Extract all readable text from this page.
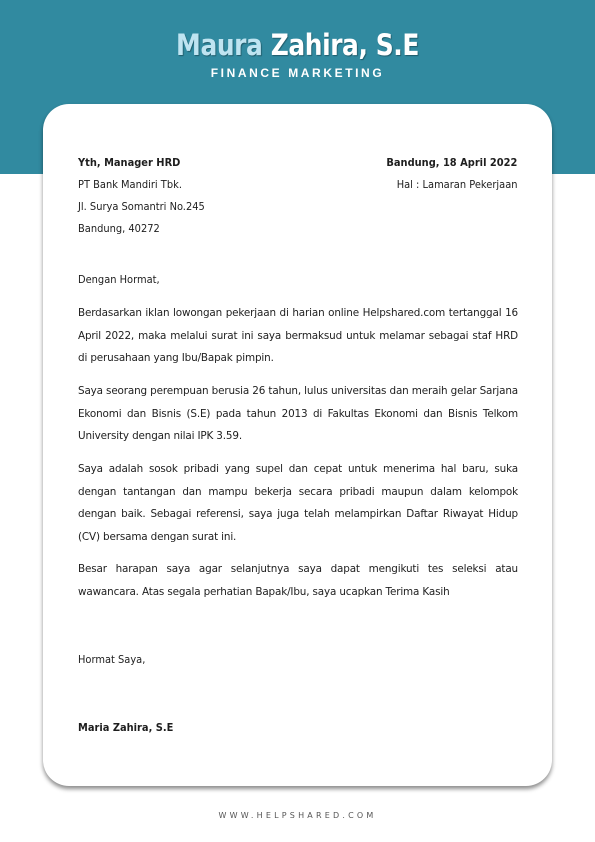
Maura Zahira, S.E
FINANCE MARKETING
Yth, Manager HRD
PT Bank Mandiri Tbk.
Jl. Surya Somantri No.245
Bandung, 40272
Bandung, 18 April 2022
Hal : Lamaran Pekerjaan
Dengan Hormat,
Berdasarkan iklan lowongan pekerjaan di harian online Helpshared.com tertanggal 16 April 2022, maka melalui surat ini saya bermaksud untuk melamar sebagai staf HRD di perusahaan yang Ibu/Bapak pimpin.
Saya seorang perempuan berusia 26 tahun, lulus universitas dan meraih gelar Sarjana Ekonomi dan Bisnis (S.E) pada tahun 2013 di Fakultas Ekonomi dan Bisnis Telkom University dengan nilai IPK 3.59.
Saya adalah sosok pribadi yang supel dan cepat untuk menerima hal baru, suka dengan tantangan dan mampu bekerja secara pribadi maupun dalam kelompok dengan baik. Sebagai referensi, saya juga telah melampirkan Daftar Riwayat Hidup (CV) bersama dengan surat ini.
Besar harapan saya agar selanjutnya saya dapat mengikuti tes seleksi atau wawancara. Atas segala perhatian Bapak/Ibu, saya ucapkan Terima Kasih
Hormat Saya,
Maria Zahira, S.E
WWW.HELPSHARED.COM
